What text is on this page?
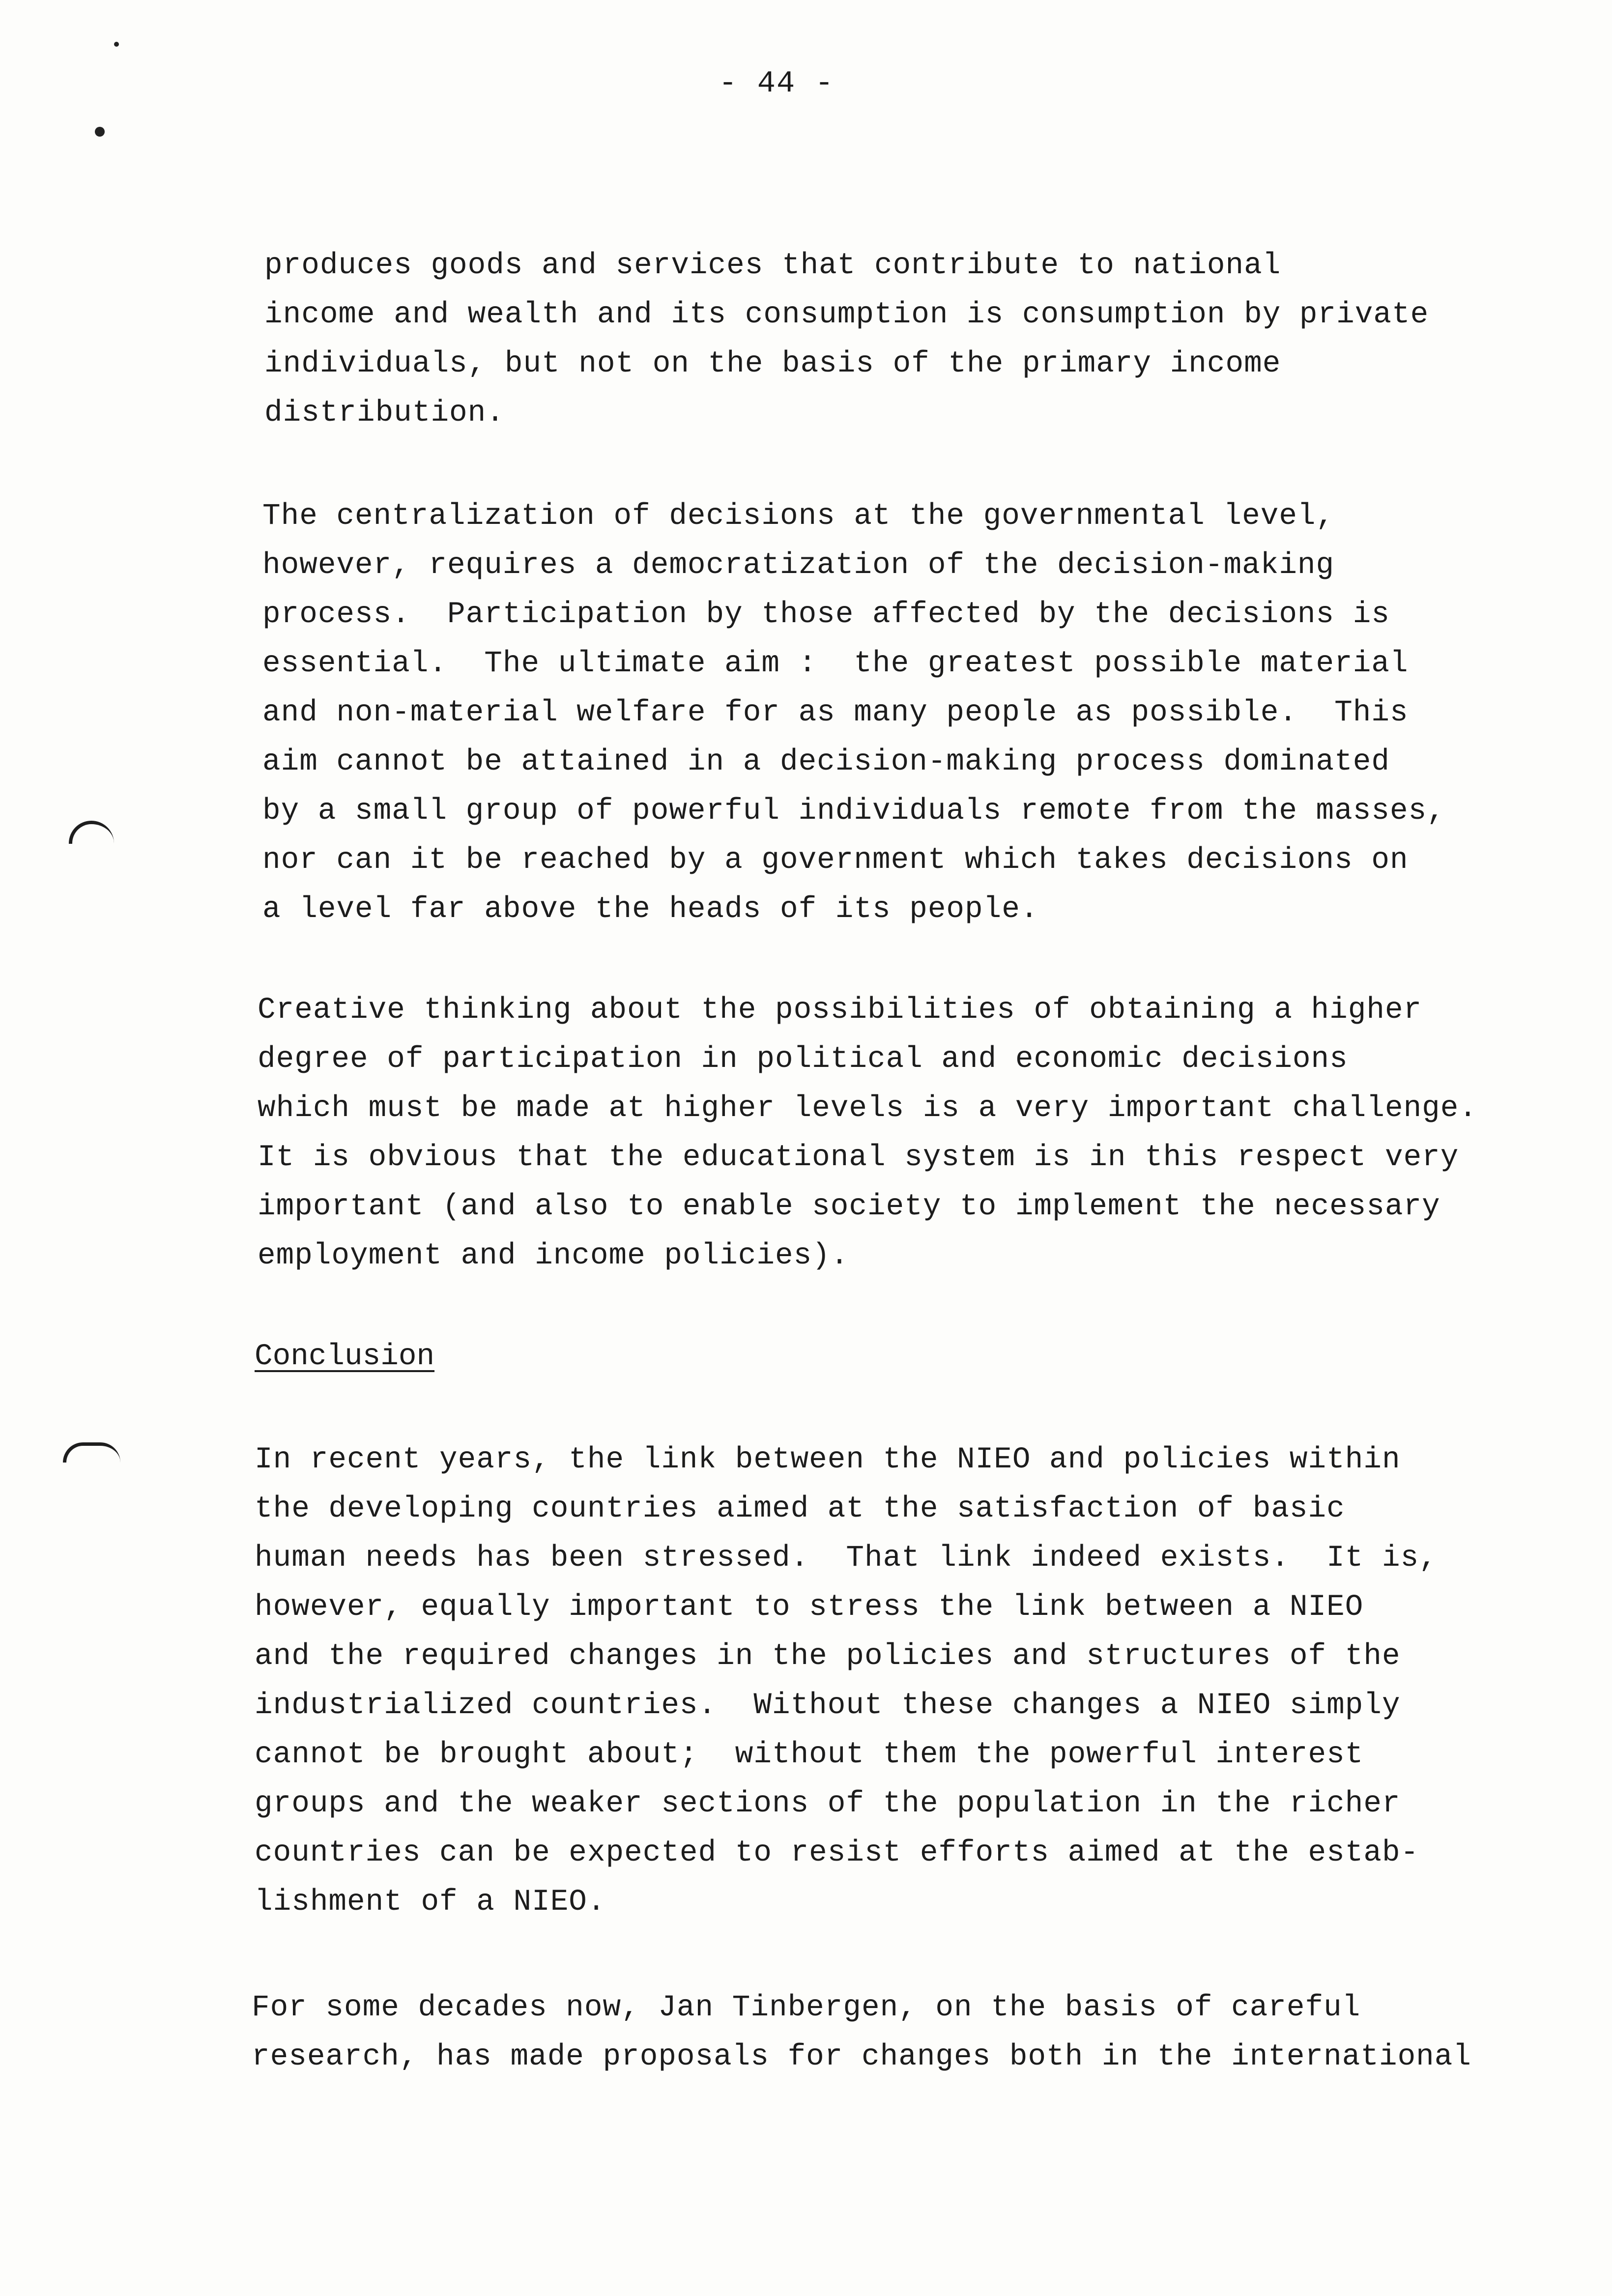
- 44 -
produces goods and services that contribute to national
income and wealth and its consumption is consumption by private
individuals, but not on the basis of the primary income
distribution.
The centralization of decisions at the governmental level,
however, requires a democratization of the decision-making
process.  Participation by those affected by the decisions is
essential.  The ultimate aim :  the greatest possible material
and non-material welfare for as many people as possible.  This
aim cannot be attained in a decision-making process dominated
by a small group of powerful individuals remote from the masses,
nor can it be reached by a government which takes decisions on
a level far above the heads of its people.
Creative thinking about the possibilities of obtaining a higher
degree of participation in political and economic decisions
which must be made at higher levels is a very important challenge.
It is obvious that the educational system is in this respect very
important (and also to enable society to implement the necessary
employment and income policies).
Conclusion
In recent years, the link between the NIEO and policies within
the developing countries aimed at the satisfaction of basic
human needs has been stressed.  That link indeed exists.  It is,
however, equally important to stress the link between a NIEO
and the required changes in the policies and structures of the
industrialized countries.  Without these changes a NIEO simply
cannot be brought about;  without them the powerful interest
groups and the weaker sections of the population in the richer
countries can be expected to resist efforts aimed at the estab-
lishment of a NIEO.
For some decades now, Jan Tinbergen, on the basis of careful
research, has made proposals for changes both in the international
